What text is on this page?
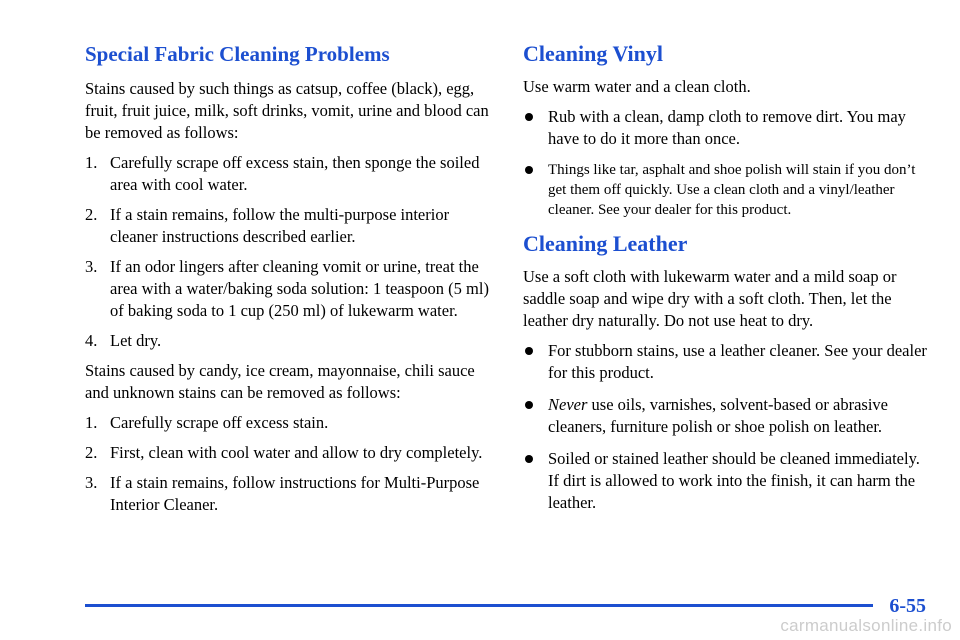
Special Fabric Cleaning Problems

Stains caused by such things as catsup, coffee (black), egg, fruit, fruit juice, milk, soft drinks, vomit, urine and blood can be removed as follows:

1. Carefully scrape off excess stain, then sponge the soiled area with cool water.
2. If a stain remains, follow the multi‑purpose interior cleaner instructions described earlier.
3. If an odor lingers after cleaning vomit or urine, treat the area with a water/baking soda solution: 1 teaspoon (5 ml) of baking soda to 1 cup (250 ml) of lukewarm water.
4. Let dry.

Stains caused by candy, ice cream, mayonnaise, chili sauce and unknown stains can be removed as follows:

1. Carefully scrape off excess stain.
2. First, clean with cool water and allow to dry completely.
3. If a stain remains, follow instructions for Multi‑Purpose Interior Cleaner.
Cleaning Vinyl

Use warm water and a clean cloth.

Rub with a clean, damp cloth to remove dirt. You may have to do it more than once.
Things like tar, asphalt and shoe polish will stain if you don’t get them off quickly. Use a clean cloth and a vinyl/leather cleaner. See your dealer for this product.
Cleaning Leather

Use a soft cloth with lukewarm water and a mild soap or saddle soap and wipe dry with a soft cloth. Then, let the leather dry naturally. Do not use heat to dry.

For stubborn stains, use a leather cleaner. See your dealer for this product.
Never use oils, varnishes, solvent‑based or abrasive cleaners, furniture polish or shoe polish on leather.
Soiled or stained leather should be cleaned immediately. If dirt is allowed to work into the finish, it can harm the leather.
6-55
carmanualsonline.info
